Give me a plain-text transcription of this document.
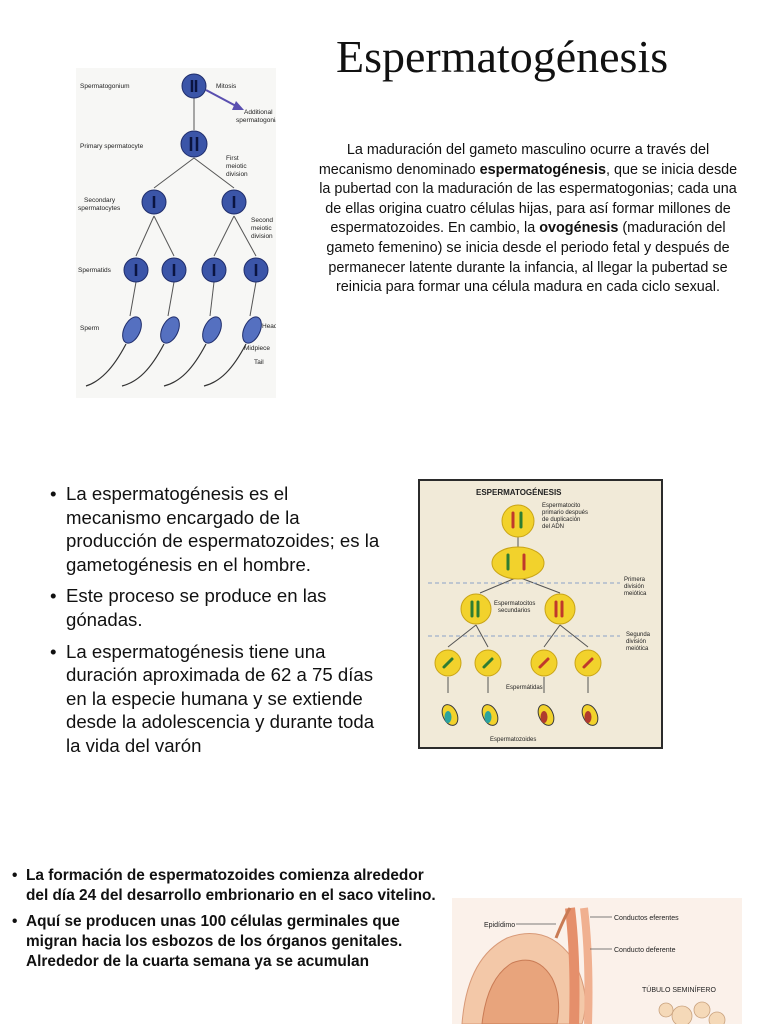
Espermatogénesis
La maduración del gameto masculino ocurre a través del mecanismo denominado espermatogénesis, que se inicia desde la pubertad con la maduración de las espermatogonias; cada una de ellas origina cuatro células hijas, para así formar millones de espermatozoides. En cambio, la ovogénesis (maduración del gameto femenino) se inicia desde el periodo fetal y después de permanecer latente durante la infancia, al llegar la pubertad se reinicia para formar una célula madura en cada ciclo sexual.
Spermatogonium	Mitosis
Additional
spermatogonia
Primary spermatocyte
First
meiotic
division
Secondary
spermatocytes
Second
meiotic
division
Spermatids
Sperm	Head
Midpiece
Tail
• La espermatogénesis es el mecanismo encargado de la producción de espermatozoides; es la gametogénesis en el hombre.
• Este proceso se produce en las gónadas.
• La espermatogénesis tiene una duración aproximada de 62 a 75 días en la especie humana y se extiende desde la adolescencia y durante toda la vida del varón
ESPERMATOGÉNESIS
Espermatocito
primario después
de duplicación
del ADN
Espermatocitos
secundarios
Primera
división
meiótica
Segunda
división
meiótica
Espermátidas
Espermatozoides
• La formación de espermatozoides comienza alrededor del día 24 del desarrollo embrionario en el saco vitelino.
• Aquí se producen unas 100 células germinales que migran hacia los esbozos de los órganos genitales. Alrededor de la cuarta semana ya se acumulan
Epidídimo
Conductos eferentes
Conducto deferente
TÚBULO SEMINÍFERO
